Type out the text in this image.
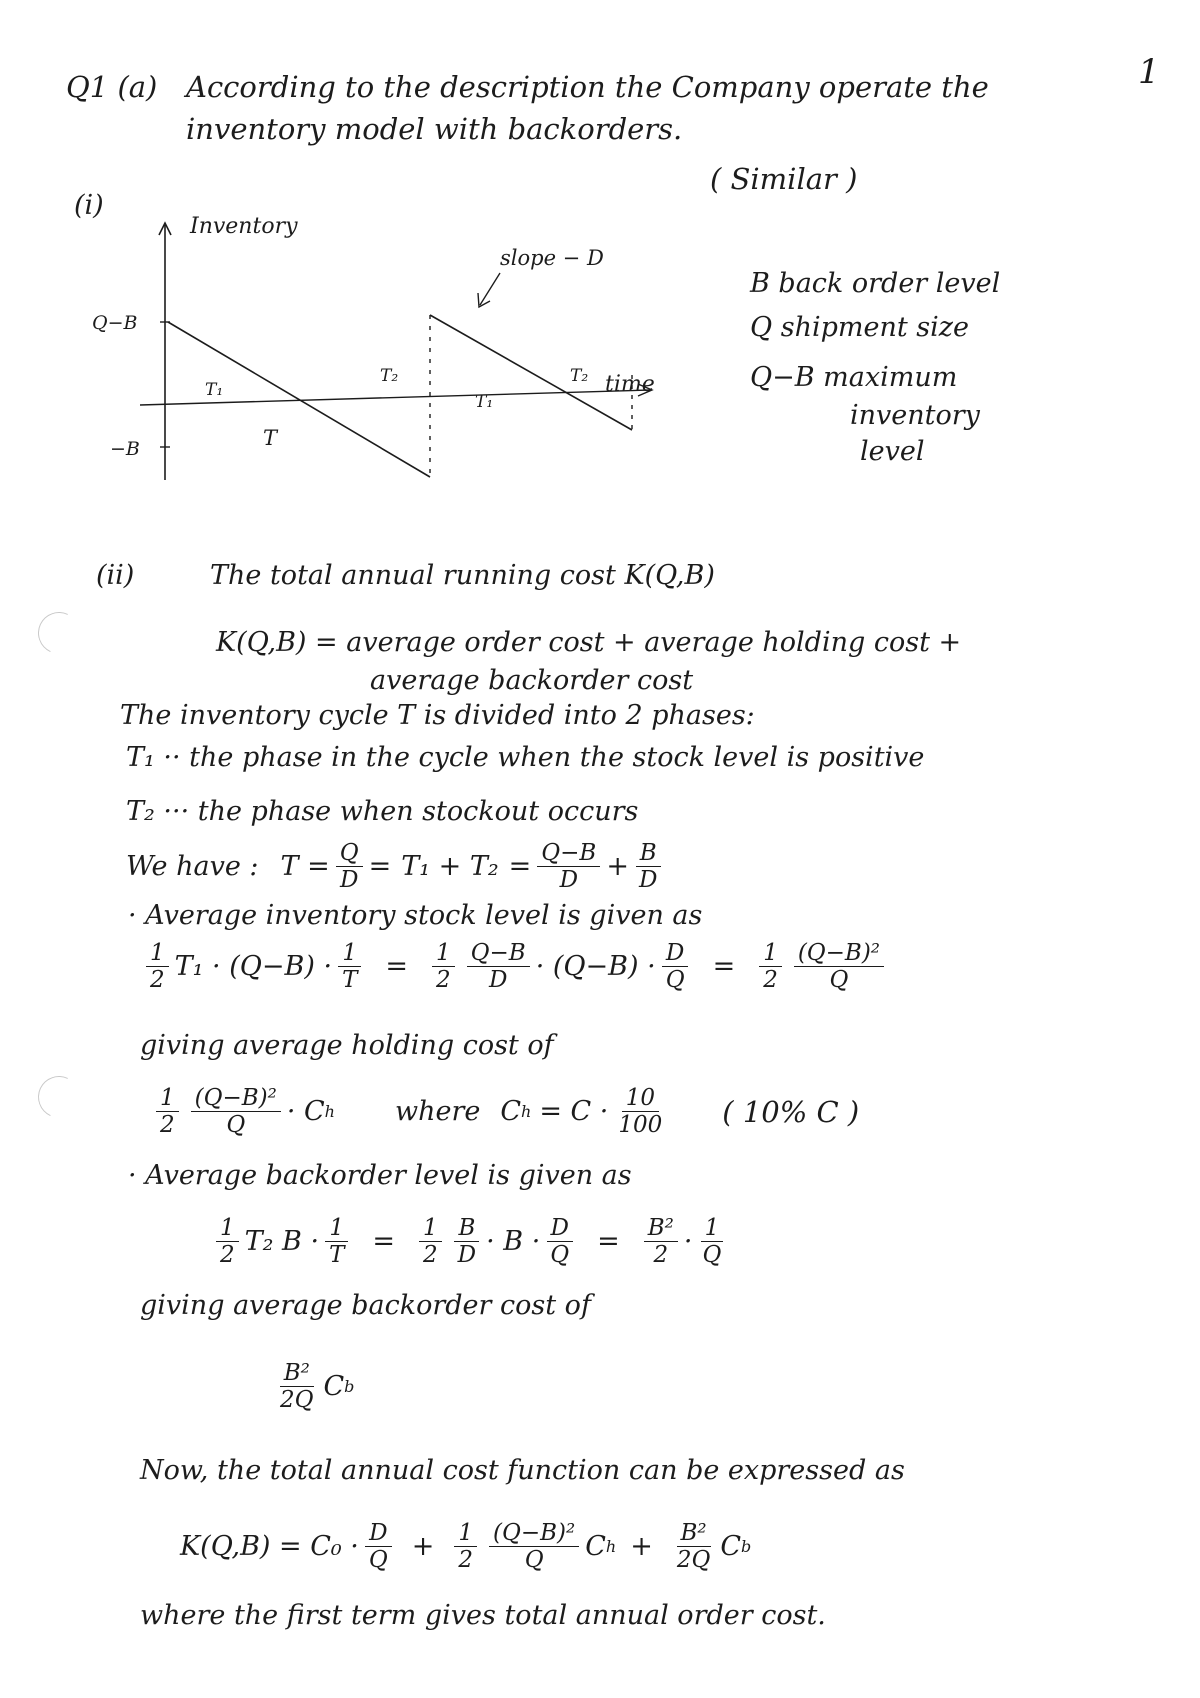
1
Q1 (a) According to the description the Company operate the
inventory model with backorders.
( Similar )
(i)
Q−B
−B
Inventory
slope − D
time
T₁
T₂
T₁
T₂
T
B back order level
Q shipment size
Q−B maximum
inventory
level
(ii)	The total annual running cost K(Q,B)
K(Q,B) = average order cost + average holding cost +
average backorder cost
The inventory cycle T is divided into 2 phases:
T₁ ·· the phase in the cycle when the stock level is positive
T₂ ··· the phase when stockout occurs
We have : $T = \frac{Q}{D} = T_1 + T_2 = \frac{Q-B}{D} + \frac{B}{D}$
· Average inventory stock level is given as
$\frac{1}{2} T_1 \cdot (Q-B) \cdot \frac{1}{T} = \frac{1}{2} \frac{Q-B}{D} \cdot (Q-B) \cdot \frac{D}{Q} = \frac{1}{2} \frac{\text{(Q−B)²}}{Q}$
giving average holding cost of
$\frac{1}{2} \frac{\text{(Q−B)²}}{Q} \cdot C$ h where C $h = C \cdot \frac{10}{100}$ ( 10% C )
· Average backorder level is given as
$\frac{1}{2} T_2$ $B \cdot \frac{1}{T} = \frac{1}{2} \frac{B}{D} \cdot B \cdot \frac{D}{Q} = \frac{\text{B²}}{2} \cdot \frac{1}{Q}$
giving average backorder cost of
$\frac{\text{B²}}{2Q}$ C b
Now, the total annual cost function can be expressed as
$K(Q,B) = C_0 \cdot \frac{D}{Q} + \frac{1}{2} \frac{\text{(Q−B)²}}{Q}$ C $h + \frac{\text{B²}}{2Q}$ C b
where the first term gives total annual order cost.
